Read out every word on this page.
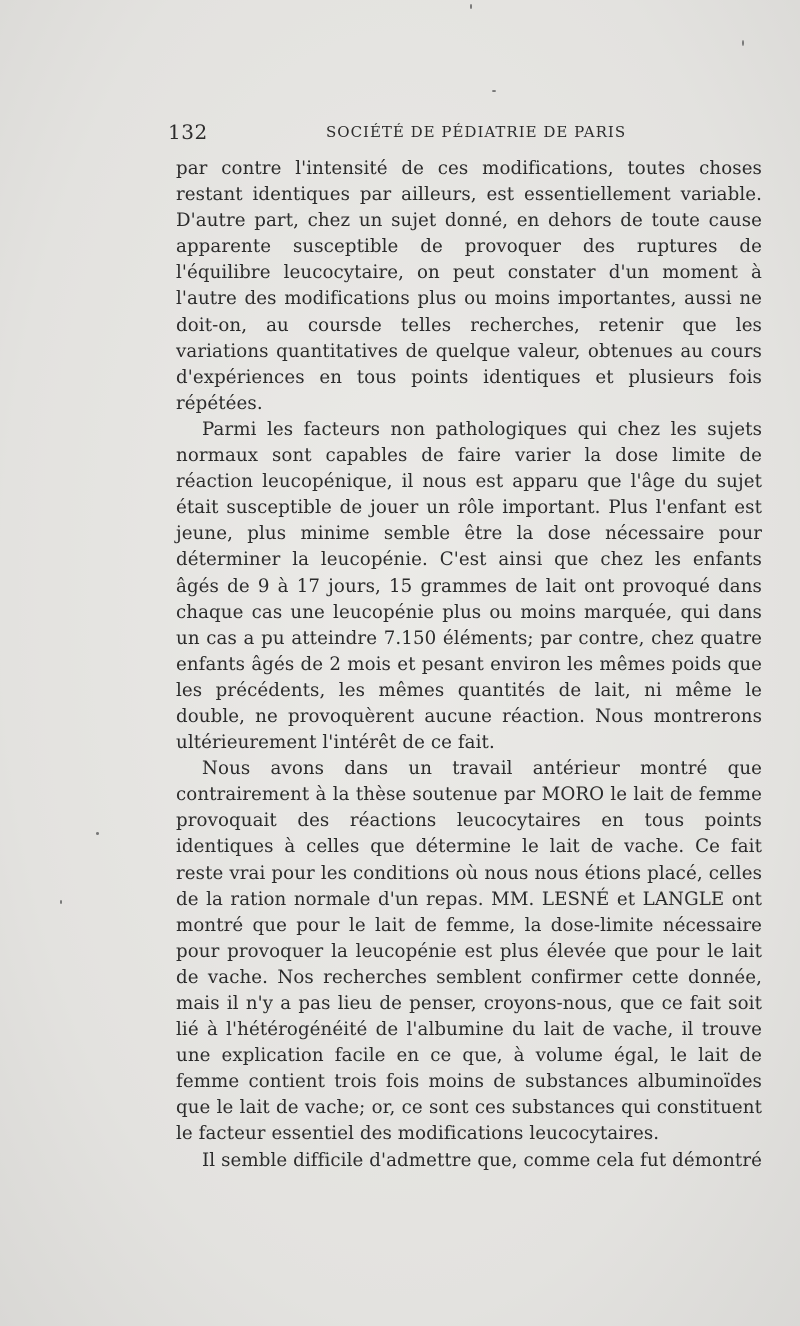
132	SOCIÉTÉ DE PÉDIATRIE DE PARIS

par contre l'intensité de ces modifications, toutes choses restant identiques par ailleurs, est essentiellement variable. D'autre part, chez un sujet donné, en dehors de toute cause apparente susceptible de provoquer des ruptures de l'équilibre leucocytaire, on peut constater d'un moment à l'autre des modifications plus ou moins importantes, aussi ne doit-on, au coursde telles recherches, retenir que les variations quantitatives de quelque valeur, obtenues au cours d'expériences en tous points identiques et plusieurs fois répétées.

Parmi les facteurs non pathologiques qui chez les sujets normaux sont capables de faire varier la dose limite de réaction leucopénique, il nous est apparu que l'âge du sujet était susceptible de jouer un rôle important. Plus l'enfant est jeune, plus minime semble être la dose nécessaire pour déterminer la leucopénie. C'est ainsi que chez les enfants âgés de 9 à 17 jours, 15 grammes de lait ont provoqué dans chaque cas une leucopénie plus ou moins marquée, qui dans un cas a pu atteindre 7.150 éléments; par contre, chez quatre enfants âgés de 2 mois et pesant environ les mêmes poids que les précédents, les mêmes quantités de lait, ni même le double, ne provoquèrent aucune réaction. Nous montrerons ultérieurement l'intérêt de ce fait.

Nous avons dans un travail antérieur montré que contrairement à la thèse soutenue par MORO le lait de femme provoquait des réactions leucocytaires en tous points identiques à celles que détermine le lait de vache. Ce fait reste vrai pour les conditions où nous nous étions placé, celles de la ration normale d'un repas. MM. LESNÉ et LANGLE ont montré que pour le lait de femme, la dose-limite nécessaire pour provoquer la leucopénie est plus élevée que pour le lait de vache. Nos recherches semblent confirmer cette donnée, mais il n'y a pas lieu de penser, croyons-nous, que ce fait soit lié à l'hétérogénéité de l'albumine du lait de vache, il trouve une explication facile en ce que, à volume égal, le lait de femme contient trois fois moins de substances albuminoïdes que le lait de vache; or, ce sont ces substances qui constituent le facteur essentiel des modifications leucocytaires.

Il semble difficile d'admettre que, comme cela fut démontré
